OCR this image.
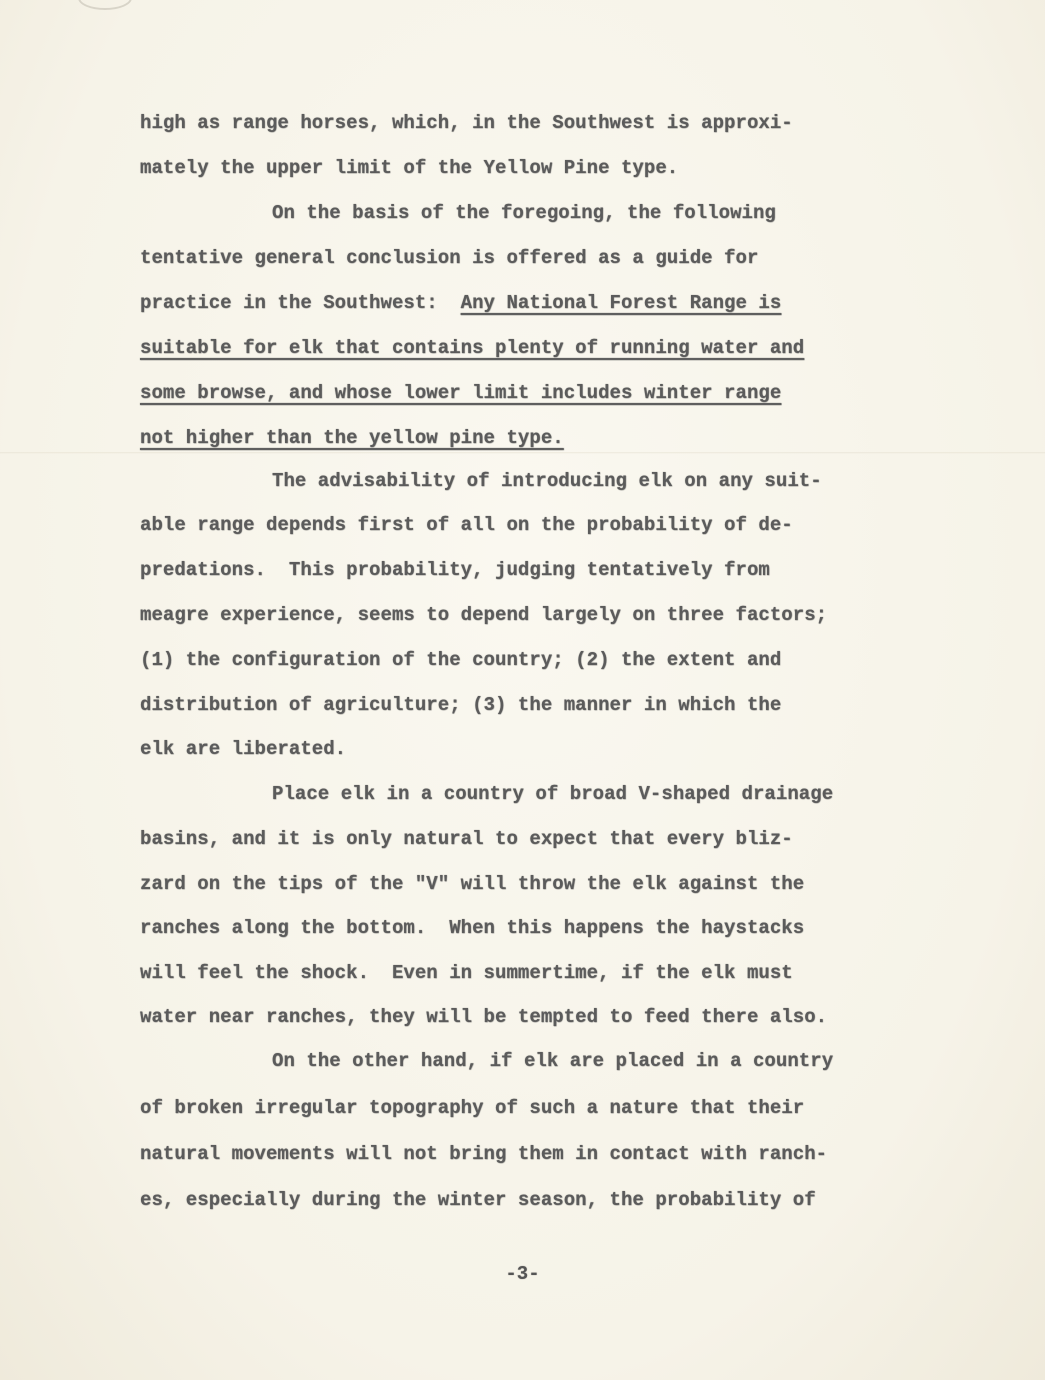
high as range horses, which, in the Southwest is approxi-
mately the upper limit of the Yellow Pine type.
On the basis of the foregoing, the following
tentative general conclusion is offered as a guide for
practice in the Southwest: Any National Forest Range is
suitable for elk that contains plenty of running water and
some browse, and whose lower limit includes winter range
not higher than the yellow pine type.
The advisability of introducing elk on any suit-
able range depends first of all on the probability of de-
predations.  This probability, judging tentatively from
meagre experience, seems to depend largely on three factors;
(1) the configuration of the country; (2) the extent and
distribution of agriculture; (3) the manner in which the
elk are liberated.
Place elk in a country of broad V-shaped drainage
basins, and it is only natural to expect that every bliz-
zard on the tips of the "V" will throw the elk against the
ranches along the bottom.  When this happens the haystacks
will feel the shock.  Even in summertime, if the elk must
water near ranches, they will be tempted to feed there also.
On the other hand, if elk are placed in a country
of broken irregular topography of such a nature that their
natural movements will not bring them in contact with ranch-
es, especially during the winter season, the probability of
-3-
